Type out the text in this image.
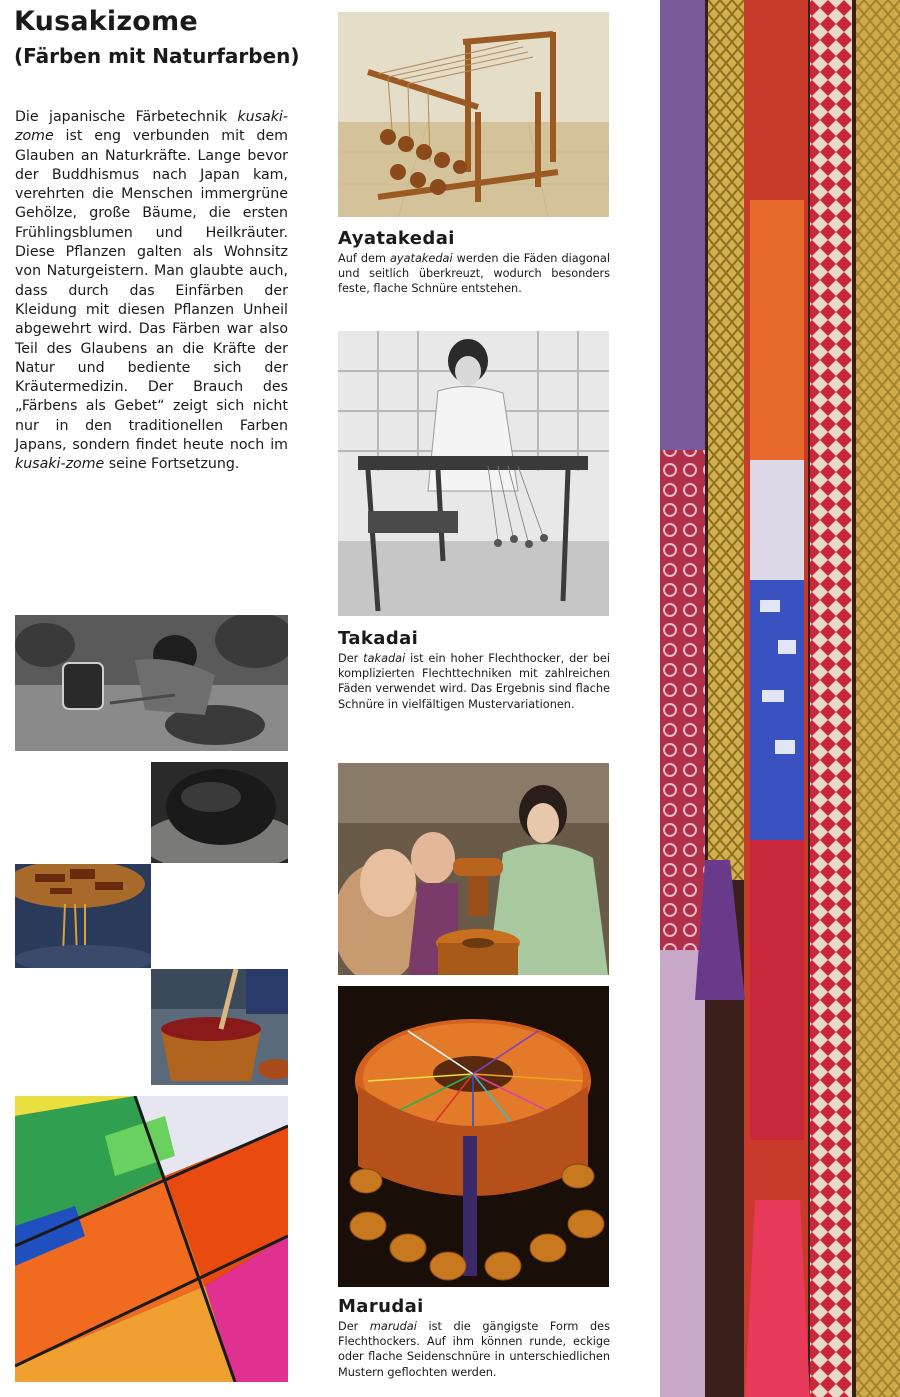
Kusakizome
(Färben mit Naturfarben)
Die japanische Färbetechnik kusaki-zome ist eng verbunden mit dem Glauben an Naturkräfte. Lange bevor der Buddhismus nach Japan kam, verehrten die Menschen immergrüne Gehölze, große Bäume, die ersten Frühlingsblumen und Heilkräuter. Diese Pflanzen galten als Wohnsitz von Naturgeistern. Man glaubte auch, dass durch das Einfärben der Kleidung mit diesen Pflanzen Unheil abgewehrt wird. Das Färben war also Teil des Glaubens an die Kräfte der Natur und bediente sich der Kräutermedizin. Der Brauch des „Färbens als Gebet“ zeigt sich nicht nur in den traditionellen Farben Japans, sondern findet heute noch im kusaki-zome seine Fortsetzung.
Ayatakedai
Auf dem ayatakedai werden die Fäden diagonal und seitlich überkreuzt, wodurch besonders feste, flache Schnüre entstehen.
Takadai
Der takadai ist ein hoher Flechthocker, der bei komplizierten Flechttechniken mit zahlreichen Fäden verwendet wird. Das Ergebnis sind flache Schnüre in vielfältigen Mustervariationen.
Marudai
Der marudai ist die gängigste Form des Flechthockers. Auf ihm können runde, eckige oder flache Seidenschnüre in unterschiedlichen Mustern geflochten werden.
